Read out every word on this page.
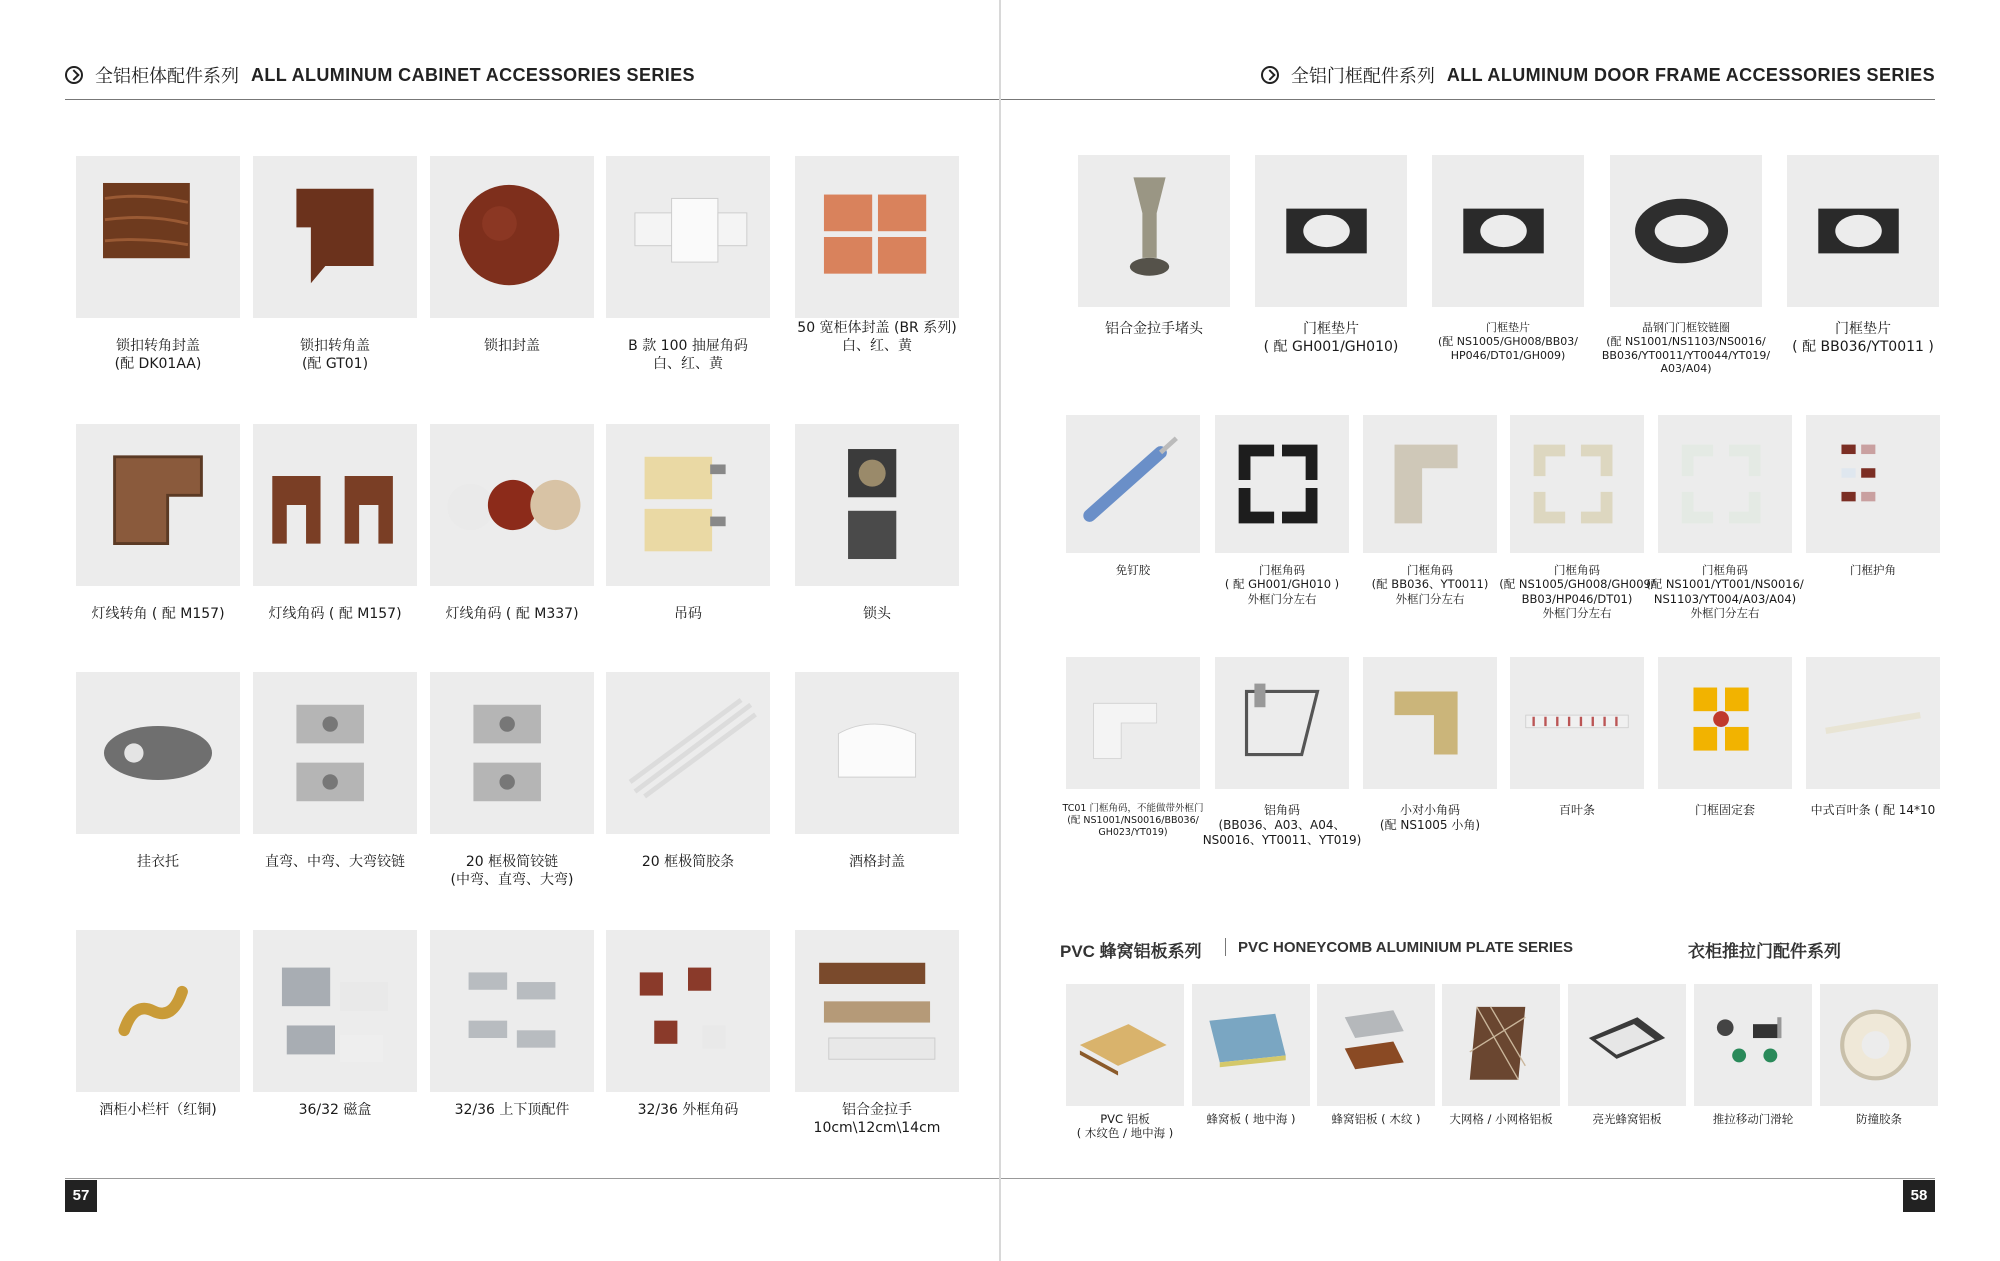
全铝柜体配件系列 ALL ALUMINUM CABINET ACCESSORIES SERIES	全铝门框配件系列 ALL ALUMINUM DOOR FRAME ACCESSORIES SERIES
57	58
PVC 蜂窝铝板系列 PVC HONEYCOMB ALUMINIUM PLATE SERIES	衣柜推拉门配件系列
锁扣转角封盖
(配 DK01AA)
锁扣转角盖
(配 GT01)
锁扣封盖	B 款 100 抽屉角码
白、红、黄
50 宽柜体封盖 (BR 系列)
白、红、黄
灯线转角 ( 配 M157)	灯线角码 ( 配 M157)	灯线角码 ( 配 M337)	吊码	锁头
挂衣托	直弯、中弯、大弯铰链	20 框极简铰链
(中弯、直弯、大弯)
20 框极简胶条	酒格封盖
酒柜小栏杆（红铜)	36/32 磁盒	32/36 上下顶配件	32/36 外框角码	铝合金拉手
10cm\12cm\14cm
铝合金拉手堵头	门框垫片
( 配 GH001/GH010)
门框垫片
(配 NS1005/GH008/BB03/
HP046/DT01/GH009)
晶钢门门框铰链圈
(配 NS1001/NS1103/NS0016/
BB036/YT0011/YT0044/YT019/
A03/A04)
门框垫片
( 配 BB036/YT0011 )
免钉胶	门框角码
( 配 GH001/GH010 )
外框门分左右
门框角码
(配 BB036、YT0011)
外框门分左右
门框角码
(配 NS1005/GH008/GH009/
BB03/HP046/DT01)
外框门分左右
门框角码
(配 NS1001/YT001/NS0016/
NS1103/YT004/A03/A04)
外框门分左右
门框护角
TC01 门框角码，不能做带外框门
(配 NS1001/NS0016/BB036/
GH023/YT019)
铝角码
(BB036、A03、A04、
NS0016、YT0011、YT019)
小对小角码
(配 NS1005 小角)
百叶条	门框固定套	中式百叶条 ( 配 14*10
PVC 铝板
( 木纹色 / 地中海 )
蜂窝板 ( 地中海 )	蜂窝铝板 ( 木纹 )	大网格 / 小网格铝板	亮光蜂窝铝板	推拉移动门滑轮	防撞胶条
